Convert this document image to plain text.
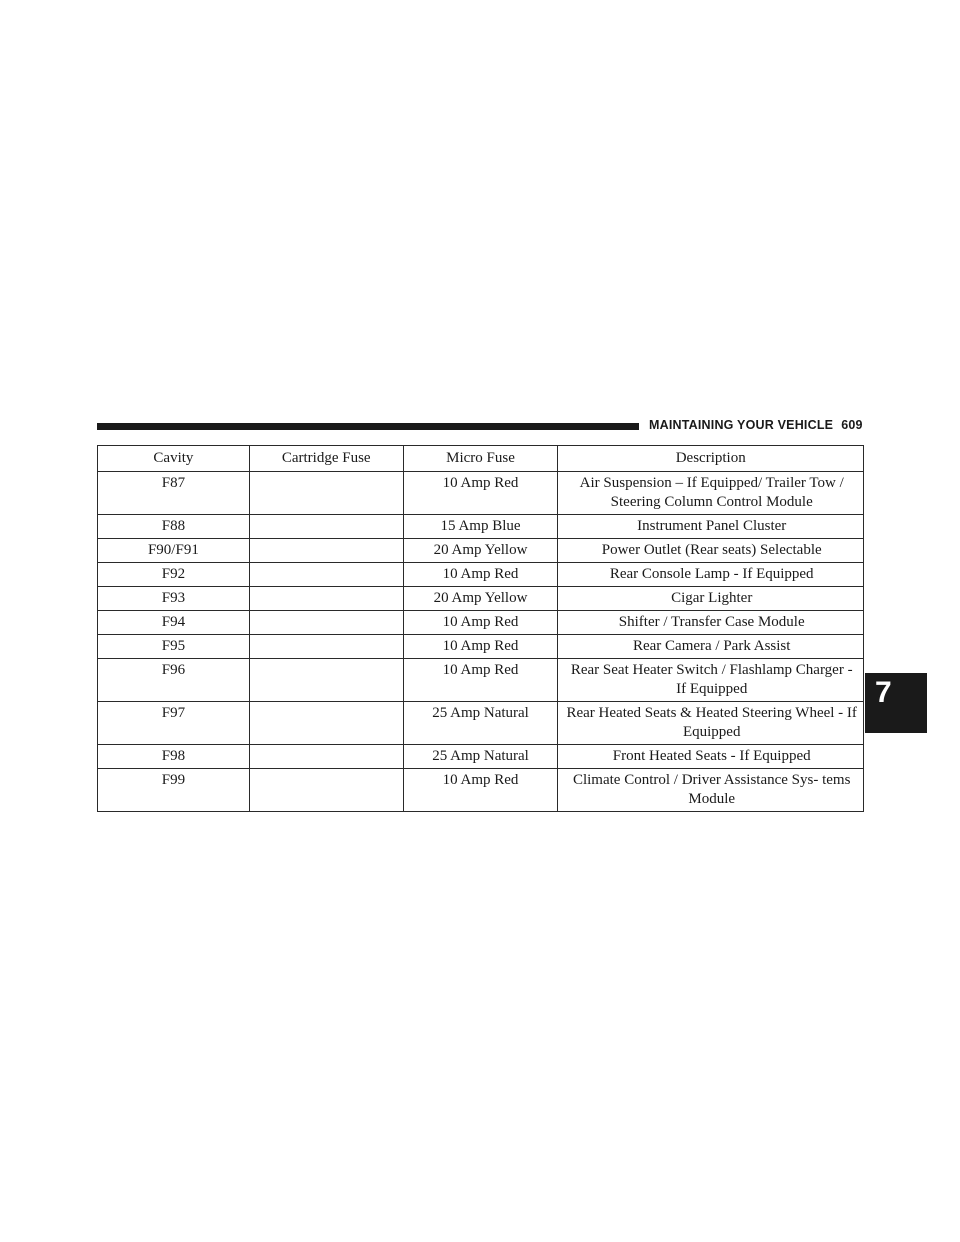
MAINTAINING YOUR VEHICLE 609
Cavity	Cartridge Fuse	Micro Fuse	Description
F87		10 Amp Red	Air Suspension – If Equipped/ Trailer Tow / Steering Column Control Module
F88		15 Amp Blue	Instrument Panel Cluster
F90/F91		20 Amp Yellow	Power Outlet (Rear seats) Selectable
F92		10 Amp Red	Rear Console Lamp - If Equipped
F93		20 Amp Yellow	Cigar Lighter
F94		10 Amp Red	Shifter / Transfer Case Module
F95		10 Amp Red	Rear Camera / Park Assist
F96		10 Amp Red	Rear Seat Heater Switch / Flashlamp Charger - If Equipped
F97		25 Amp Natural	Rear Heated Seats & Heated Steering Wheel - If Equipped
F98		25 Amp Natural	Front Heated Seats - If Equipped
F99		10 Amp Red	Climate Control / Driver Assistance Sys- tems Module
7
